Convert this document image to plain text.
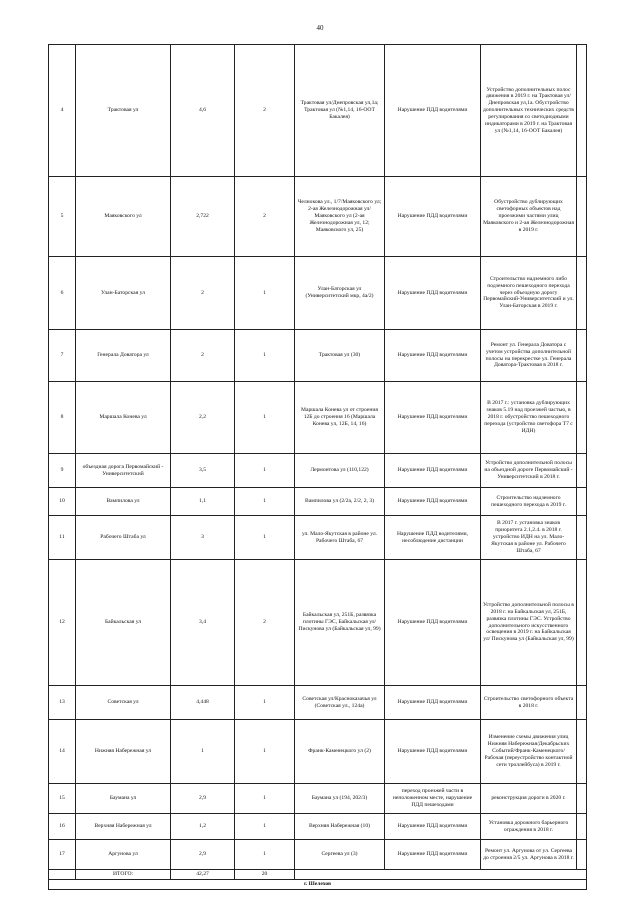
40
4	Трактовая ул	4,6	2	Трактовая ул/Днепровская ул,1а; Трактовая ул (№1,14, 16-ООТ Бакалея)	Нарушение ПДД водителями	Устройство дополнительных полос движения в 2019 г. на Трактовая ул/Днепровская ул,1а. Обустройство дополнительных технических средств регулирования со светодиодными индикаторами в 2019 г. на Трактовая ул (№1,14, 16-ООТ Бакалея)	
5	Маяковского ул	2,722	2	Челнокова ул., 1/7/Маяковского ул; 2-ая Железнодорожная ул/Маяковского ул (2-ая Железнодорожная ул, 12; Маяковского ул, 25)	Нарушение ПДД водителями	Обустройство дублирующих светофорных объектов над проезжими частями улиц Маяковского и 2-ая Железнодорожная в 2019 г.	
6	Улан-Баторская ул	2	1	Улан-Баторская ул (Университетский мкр, 4а/2)	Нарушение ПДД водителями	Строительство надземного либо подземного пешеходного перехода через объездную дорогу Первомайский-Университетский и ул. Улан-Баторская в 2019 г.	
7	Генерала Доватора ул	2	1	Трактовая ул (30)	Нарушение ПДД водителями	Ремонт ул. Генерала Доватора с учетом устройства дополнительной полосы на перекрестке ул. Генерала Доватора-Трактовая в 2018 г.	
8	Маршала Конева ул	2,2	1	Маршала Конева ул от строения 12Б до строения 16 (Маршала Конева ул, 12Б, 14, 16)	Нарушение ПДД водителями	В 2017 г.: установка дублирующих знаков 5.19 над проезжей частью, в 2018 г. обустройство пешеходного перехода (устройство светофора Т7 с ИДН)	
9	объездная дорога Первомайский - Университетский	3,5	1	Лермонтова ул (110,122)	Нарушение ПДД водителями	Устройство дополнительной полосы на объездной дороге Первомайский - Университетский в 2018 г.	
10	Вампилова ул	1,1	1	Вампилова ул (2/2а, 2/2, 2, 3)	Нарушение ПДД водителями	Строительство надземного пешеходного перехода в 2019 г.	
11	Рабочего Штаба ул	3	1	ул. Мало-Якутская в районе ул. Рабочего Штаба, 67	Нарушение ПДД водителями, несоблюдение дистанции	В 2017 г. установка знаков приоритета 2.1,2.4. в 2018 г. устройство ИДН на ул. Мало-Якутская в районе ул. Рабочего Штаба, 67	
12	Байкальская ул	3,4	2	Байкальская ул, 251Б, развязка плотины ГЭС, Байкальская ул/ Пискунова ул (Байкальская ул, 99)	Нарушение ПДД водителями	Устройство дополнительной полосы в 2018 г. на Байкальская ул, 251Б, развязка плотины ГЭС. Устройство дополнительного искусственного освещения в 2019 г. на Байкальская ул/ Пискунова ул (Байкальская ул, 99)	
13	Советская ул	4,448	1	Советская ул/Красноказачья ул (Советская ул., 124а)	Нарушение ПДД водителями	Строительство светофорного объекта в 2018 г.	
14	Нижняя Набережная ул	1	1	Франк-Каменецкого ул (2)	Нарушение ПДД водителями	Изменение схемы движения улиц Нижняя Набережная/Декабрьских Событий/Франк-Каменецкого/Рабочая (переустройство контактной сети троллейбуса) в 2019 г.	
15	Баумана ул	2,9	1	Баумана ул (194, 202/3)	переход проезжей части в неположенном месте, нарушение ПДД пешеходами	реконструкция дороги в 2020 г.	
16	Верхняя Набережная ул	1,2	1	Верхняя Набережная (10)	Нарушение ПДД водителями	Установка дорожного барьерного ограждения в 2018 г.	
17	Аргунова ул	2,9	1	Сергеева ул (3)	Нарушение ПДД водителями	Ремонт ул. Аргунова от ул. Сергеева до строения 2/5 ул. Аргунова в 2018 г.	
	ИТОГО:	42,27	20				
г. Шелехов							
